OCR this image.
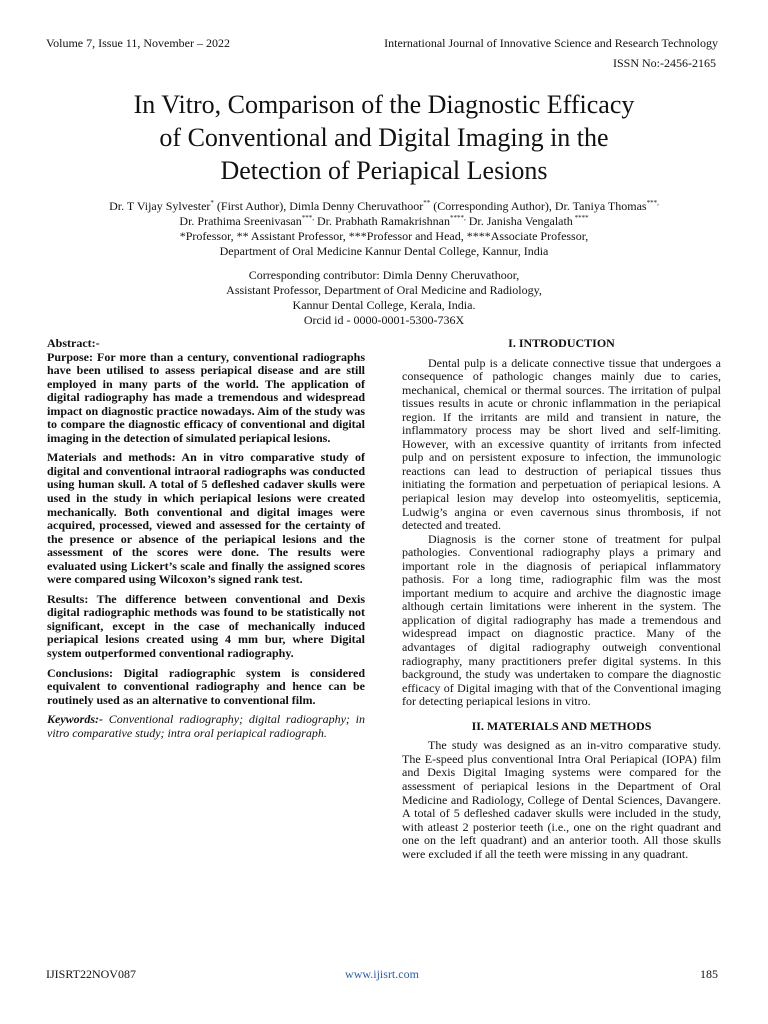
Volume 7, Issue 11, November – 2022	International Journal of Innovative Science and Research Technology
ISSN No:-2456-2165
In Vitro, Comparison of the Diagnostic Efficacy
of Conventional and Digital Imaging in the
Detection of Periapical Lesions
Dr. T Vijay Sylvester* (First Author), Dimla Denny Cheruvathoor** (Corresponding Author), Dr. Taniya Thomas***,
Dr. Prathima Sreenivasan***, Dr. Prabhath Ramakrishnan****, Dr. Janisha Vengalath ****
*Professor, ** Assistant Professor, ***Professor and Head, ****Associate Professor,
Department of Oral Medicine Kannur Dental College, Kannur, India
Corresponding contributor: Dimla Denny Cheruvathoor,
Assistant Professor, Department of Oral Medicine and Radiology,
Kannur Dental College, Kerala, India.
Orcid id - 0000-0001-5300-736X

Abstract:-

Purpose: For more than a century, conventional radiographs have been utilised to assess periapical disease and are still employed in many parts of the world. The application of digital radiography has made a tremendous and widespread impact on diagnostic practice nowadays. Aim of the study was to compare the diagnostic efficacy of conventional and digital imaging in the detection of simulated periapical lesions.

Materials and methods: An in vitro comparative study of digital and conventional intraoral radiographs was conducted using human skull. A total of 5 defleshed cadaver skulls were used in the study in which periapical lesions were created mechanically. Both conventional and digital images were acquired, processed, viewed and assessed for the certainty of the presence or absence of the periapical lesions and the assessment of the scores were done. The results were evaluated using Lickert’s scale and finally the assigned scores were compared using Wilcoxon’s signed rank test.

Results: The difference between conventional and Dexis digital radiographic methods was found to be statistically not significant, except in the case of mechanically induced periapical lesions created using 4 mm bur, where Digital system outperformed conventional radiography.

Conclusions: Digital radiographic system is considered equivalent to conventional radiography and hence can be routinely used as an alternative to conventional film.

Keywords:- Conventional radiography; digital radiography; in vitro comparative study; intra oral periapical radiograph.

I. INTRODUCTION

Dental pulp is a delicate connective tissue that undergoes a consequence of pathologic changes mainly due to caries, mechanical, chemical or thermal sources. The irritation of pulpal tissues results in acute or chronic inflammation in the periapical region. If the irritants are mild and transient in nature, the inflammatory process may be short lived and self-limiting. However, with an excessive quantity of irritants from infected pulp and on persistent exposure to infection, the immunologic reactions can lead to destruction of periapical tissues thus initiating the formation and perpetuation of periapical lesions. A periapical lesion may develop into osteomyelitis, septicemia, Ludwig’s angina or even cavernous sinus thrombosis, if not detected and treated.

Diagnosis is the corner stone of treatment for pulpal pathologies. Conventional radiography plays a primary and important role in the diagnosis of periapical inflammatory pathosis. For a long time, radiographic film was the most important medium to acquire and archive the diagnostic image although certain limitations were inherent in the system. The application of digital radiography has made a tremendous and widespread impact on diagnostic practice. Many of the advantages of digital radiography outweigh conventional radiography, many practitioners prefer digital systems. In this background, the study was undertaken to compare the diagnostic efficacy of Digital imaging with that of the Conventional imaging for detecting periapical lesions in vitro.

II. MATERIALS AND METHODS

The study was designed as an in-vitro comparative study. The E-speed plus conventional Intra Oral Periapical (IOPA) film and Dexis Digital Imaging systems were compared for the assessment of periapical lesions in the Department of Oral Medicine and Radiology, College of Dental Sciences, Davangere. A total of 5 defleshed cadaver skulls were included in the study, with atleast 2 posterior teeth (i.e., one on the right quadrant and one on the left quadrant) and an anterior tooth. All those skulls were excluded if all the teeth were missing in any quadrant.

IJISRT22NOV087	www.ijisrt.com	185
